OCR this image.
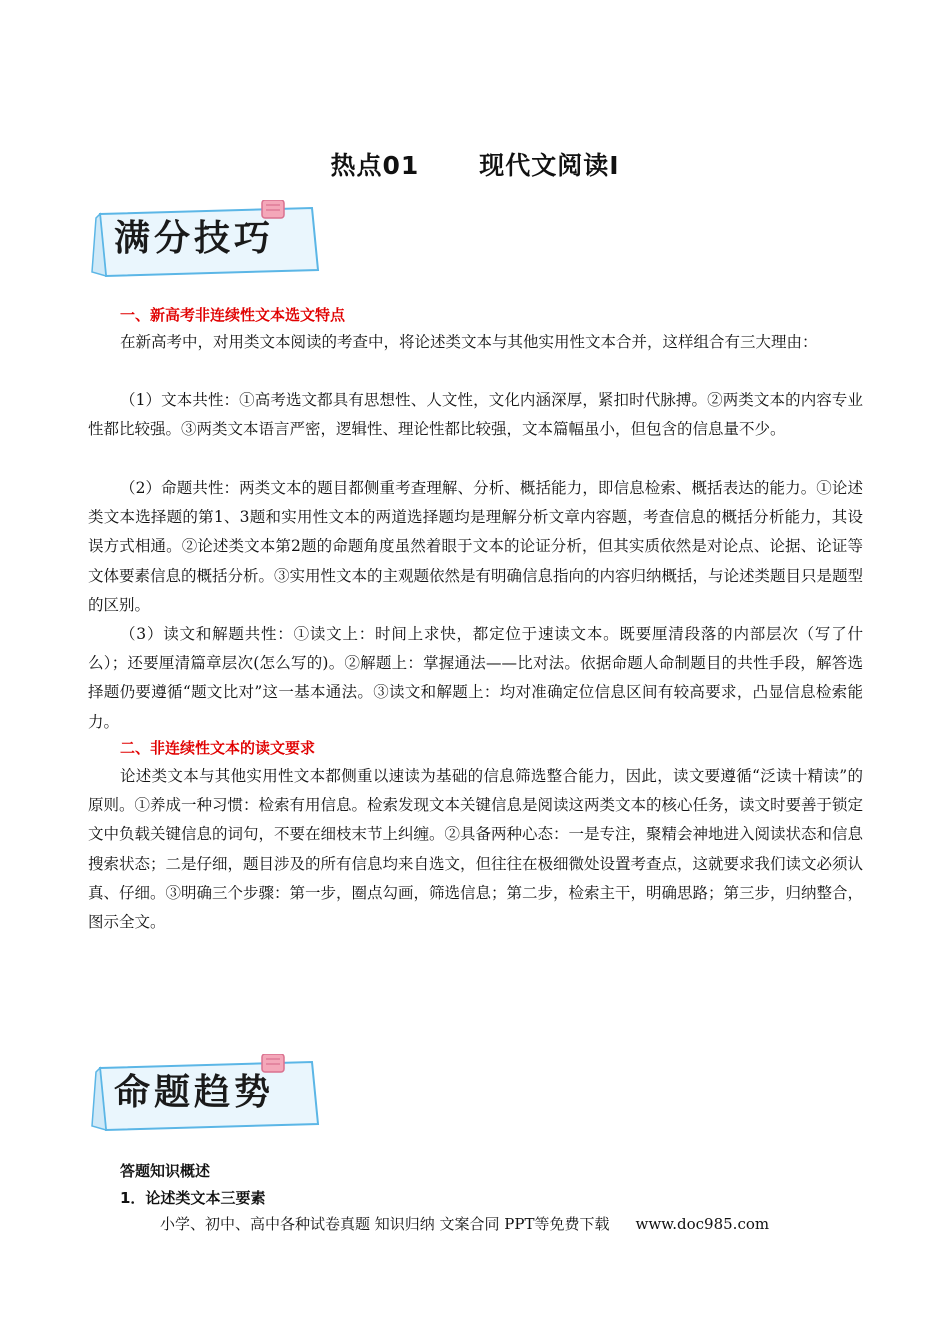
热点01 现代文阅读Ⅰ
满分技巧
一、新高考非连续性文本选文特点

在新高考中，对用类文本阅读的考查中，将论述类文本与其他实用性文本合并，这样组合有三大理由：

（1）文本共性：①高考选文都具有思想性、人文性，文化内涵深厚，紧扣时代脉搏。②两类文本的内容专业性都比较强。③两类文本语言严密，逻辑性、理论性都比较强，文本篇幅虽小，但包含的信息量不少。

（2）命题共性：两类文本的题目都侧重考查理解、分析、概括能力，即信息检索、概括表达的能力。①论述类文本选择题的第1、3题和实用性文本的两道选择题均是理解分析文章内容题，考查信息的概括分析能力，其设误方式相通。②论述类文本第2题的命题角度虽然着眼于文本的论证分析，但其实质依然是对论点、论据、论证等文体要素信息的概括分析。③实用性文本的主观题依然是有明确信息指向的内容归纳概括，与论述类题目只是题型的区别。

（3）读文和解题共性：①读文上：时间上求快，都定位于速读文本。既要厘清段落的内部层次（写了什么）；还要厘清篇章层次(怎么写的)。②解题上：掌握通法——比对法。依据命题人命制题目的共性手段，解答选择题仍要遵循“题文比对”这一基本通法。③读文和解题上：均对准确定位信息区间有较高要求，凸显信息检索能力。

二、非连续性文本的读文要求

论述类文本与其他实用性文本都侧重以速读为基础的信息筛选整合能力，因此，读文要遵循“泛读十精读”的原则。①养成一种习惯：检索有用信息。检索发现文本关键信息是阅读这两类文本的核心任务，读文时要善于锁定文中负载关键信息的词句，不要在细枝末节上纠缠。②具备两种心态：一是专注，聚精会神地进入阅读状态和信息搜索状态；二是仔细，题目涉及的所有信息均来自选文，但往往在极细微处设置考查点，这就要求我们读文必须认真、仔细。③明确三个步骤：第一步，圈点勾画，筛选信息；第二步，检索主干，明确思路；第三步，归纳整合，图示全文。

命题趋势
答题知识概述
1．论述类文本三要素
小学、初中、高中各种试卷真题 知识归纳 文案合同 PPT等免费下载 www.doc985.com
